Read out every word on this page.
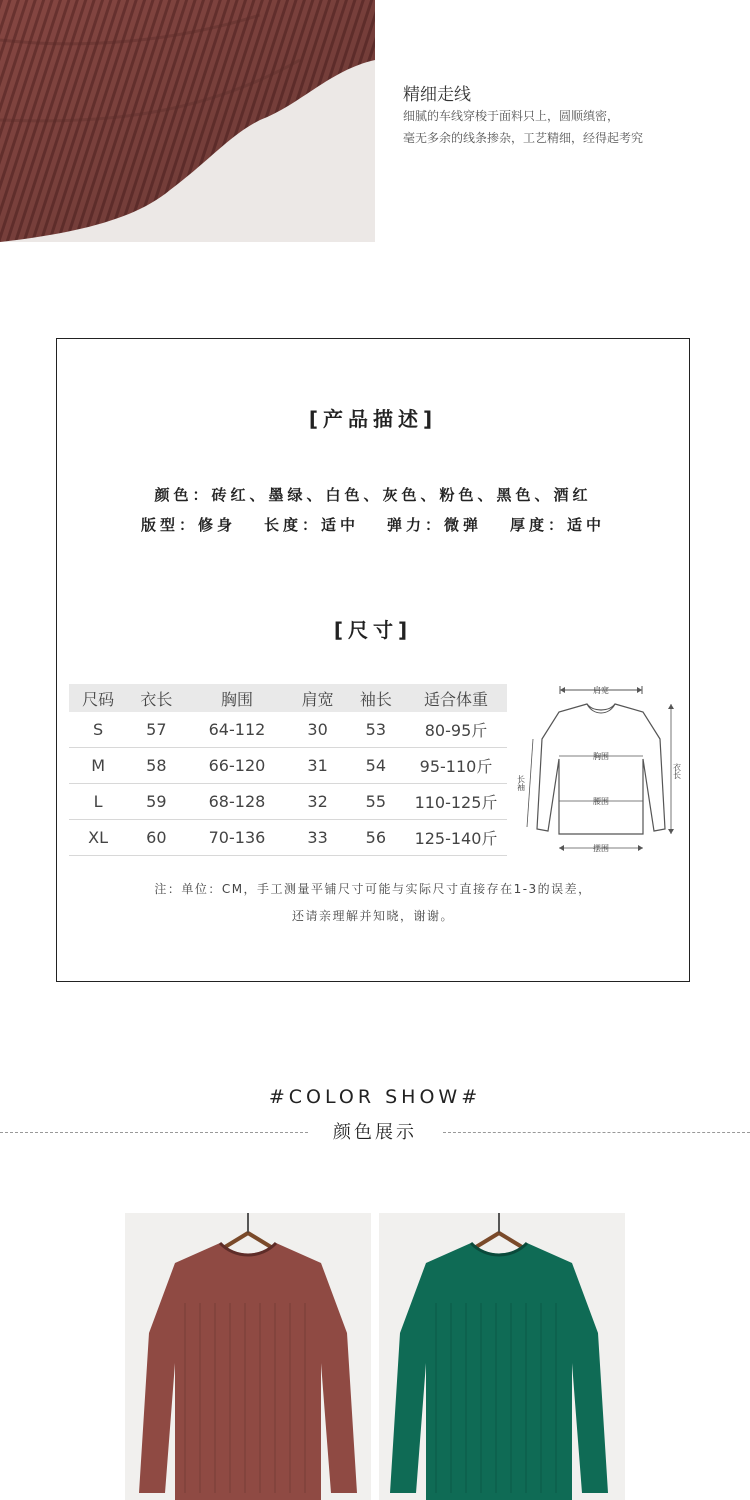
精细走线
细腻的车线穿梭于面料只上，圆顺缜密，
毫无多余的线条掺杂，工艺精细，经得起考究
[产品描述]
颜色：砖红、墨绿、白色、灰色、粉色、黑色、酒红
版型：修身 长度：适中 弹力：微弹 厚度：适中
[尺寸]
尺码	衣长	胸围	肩宽	袖长	适合体重
S	57	64-112	30	53	80-95斤
M	58	66-120	31	54	95-110斤
L	59	68-128	32	55	110-125斤
XL	60	70-136	33	56	125-140斤
肩宽
胸围
腰围
摆围
长袖
衣长
注：单位：CM，手工测量平铺尺寸可能与实际尺寸直接存在1-3的误差，
还请亲理解并知晓，谢谢。
#COLOR SHOW#
颜色展示
